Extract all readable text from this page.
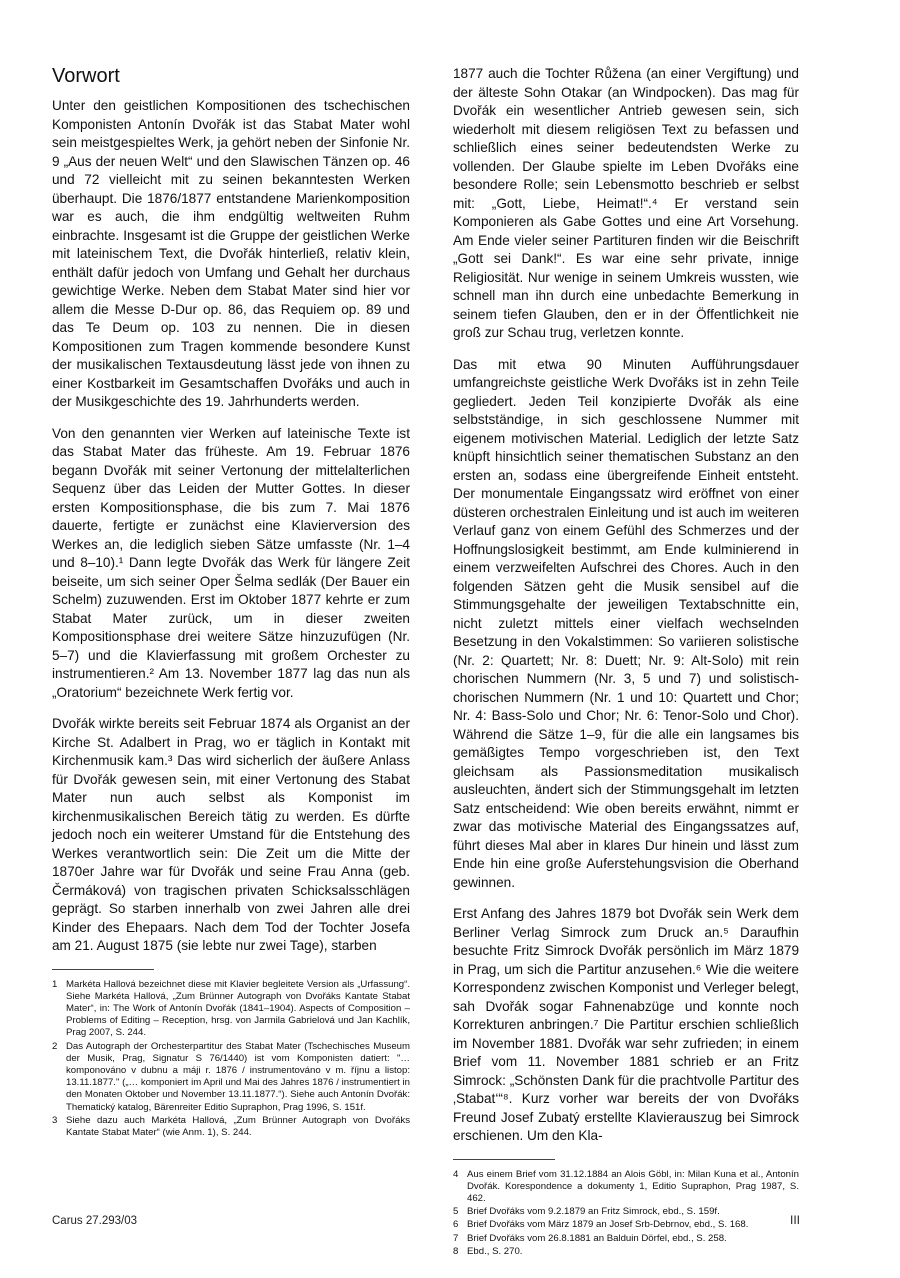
Vorwort

Unter den geistlichen Kompositionen des tschechischen Komponisten Antonín Dvořák ist das Stabat Mater wohl sein meistgespieltes Werk, ja gehört neben der Sinfonie Nr. 9 „Aus der neuen Welt“ und den Slawischen Tänzen op. 46 und 72 vielleicht mit zu seinen bekanntesten Werken überhaupt. Die 1876/1877 entstandene Marienkomposition war es auch, die ihm endgültig weltweiten Ruhm einbrachte. Insgesamt ist die Gruppe der geistlichen Werke mit lateinischem Text, die Dvořák hinterließ, relativ klein, enthält dafür jedoch von Umfang und Gehalt her durchaus gewichtige Werke. Neben dem Stabat Mater sind hier vor allem die Messe D-Dur op. 86, das Requiem op. 89 und das Te Deum op. 103 zu nennen. Die in diesen Kompositionen zum Tragen kommende besondere Kunst der musikalischen Textausdeutung lässt jede von ihnen zu einer Kostbarkeit im Gesamtschaffen Dvořáks und auch in der Musikgeschichte des 19. Jahrhunderts werden.

Von den genannten vier Werken auf lateinische Texte ist das Stabat Mater das früheste. Am 19. Februar 1876 begann Dvořák mit seiner Vertonung der mittelalterlichen Sequenz über das Leiden der Mutter Gottes. In dieser ersten Kompositionsphase, die bis zum 7. Mai 1876 dauerte, fertigte er zunächst eine Klavierversion des Werkes an, die lediglich sieben Sätze umfasste (Nr. 1–4 und 8–10).¹ Dann legte Dvořák das Werk für längere Zeit beiseite, um sich seiner Oper Šelma sedlák (Der Bauer ein Schelm) zuzuwenden. Erst im Oktober 1877 kehrte er zum Stabat Mater zurück, um in dieser zweiten Kompositionsphase drei weitere Sätze hinzuzufügen (Nr. 5–7) und die Klavierfassung mit großem Orchester zu instrumentieren.² Am 13. November 1877 lag das nun als „Oratorium“ bezeichnete Werk fertig vor.

Dvořák wirkte bereits seit Februar 1874 als Organist an der Kirche St. Adalbert in Prag, wo er täglich in Kontakt mit Kirchenmusik kam.³ Das wird sicherlich der äußere Anlass für Dvořák gewesen sein, mit einer Vertonung des Stabat Mater nun auch selbst als Komponist im kirchenmusikalischen Bereich tätig zu werden. Es dürfte jedoch noch ein weiterer Umstand für die Entstehung des Werkes verantwortlich sein: Die Zeit um die Mitte der 1870er Jahre war für Dvořák und seine Frau Anna (geb. Čermáková) von tragischen privaten Schicksalsschlägen geprägt. So starben innerhalb von zwei Jahren alle drei Kinder des Ehepaars. Nach dem Tod der Tochter Josefa am 21. August 1875 (sie lebte nur zwei Tage), starben

1 Markéta Hallová bezeichnet diese mit Klavier begleitete Version als „Urfassung“. Siehe Markéta Hallová, „Zum Brünner Autograph von Dvořáks Kantate Stabat Mater“, in: The Work of Antonín Dvořák (1841–1904). Aspects of Composition – Problems of Editing – Reception, hrsg. von Jarmila Gabrielová und Jan Kachlík, Prag 2007, S. 244.
2 Das Autograph der Orchesterpartitur des Stabat Mater (Tschechisches Museum der Musik, Prag, Signatur S 76/1440) ist vom Komponisten datiert: "… komponováno v dubnu a máji r. 1876 / instrumentováno v m. říjnu a listop: 13.11.1877." („… komponiert im April und Mai des Jahres 1876 / instrumentiert in den Monaten Oktober und November 13.11.1877.“). Siehe auch Antonín Dvořák: Thematický katalog, Bärenreiter Editio Supraphon, Prag 1996, S. 151f.
3 Siehe dazu auch Markéta Hallová, „Zum Brünner Autograph von Dvořáks Kantate Stabat Mater“ (wie Anm. 1), S. 244.

1877 auch die Tochter Růžena (an einer Vergiftung) und der älteste Sohn Otakar (an Windpocken). Das mag für Dvořák ein wesentlicher Antrieb gewesen sein, sich wiederholt mit diesem religiösen Text zu befassen und schließlich eines seiner bedeutendsten Werke zu vollenden. Der Glaube spielte im Leben Dvořáks eine besondere Rolle; sein Lebensmotto beschrieb er selbst mit: „Gott, Liebe, Heimat!“.⁴ Er verstand sein Komponieren als Gabe Gottes und eine Art Vorsehung. Am Ende vieler seiner Partituren finden wir die Beischrift „Gott sei Dank!“. Es war eine sehr private, innige Religiosität. Nur wenige in seinem Umkreis wussten, wie schnell man ihn durch eine unbedachte Bemerkung in seinem tiefen Glauben, den er in der Öffentlichkeit nie groß zur Schau trug, verletzen konnte.

Das mit etwa 90 Minuten Aufführungsdauer umfangreichste geistliche Werk Dvořáks ist in zehn Teile gegliedert. Jeden Teil konzipierte Dvořák als eine selbstständige, in sich geschlossene Nummer mit eigenem motivischen Material. Lediglich der letzte Satz knüpft hinsichtlich seiner thematischen Substanz an den ersten an, sodass eine übergreifende Einheit entsteht. Der monumentale Eingangssatz wird eröffnet von einer düsteren orchestralen Einleitung und ist auch im weiteren Verlauf ganz von einem Gefühl des Schmerzes und der Hoffnungslosigkeit bestimmt, am Ende kulminierend in einem verzweifelten Aufschrei des Chores. Auch in den folgenden Sätzen geht die Musik sensibel auf die Stimmungsgehalte der jeweiligen Textabschnitte ein, nicht zuletzt mittels einer vielfach wechselnden Besetzung in den Vokalstimmen: So variieren solistische (Nr. 2: Quartett; Nr. 8: Duett; Nr. 9: Alt-Solo) mit rein chorischen Nummern (Nr. 3, 5 und 7) und solistisch-chorischen Nummern (Nr. 1 und 10: Quartett und Chor; Nr. 4: Bass-Solo und Chor; Nr. 6: Tenor-Solo und Chor). Während die Sätze 1–9, für die alle ein langsames bis gemäßigtes Tempo vorgeschrieben ist, den Text gleichsam als Passionsmeditation musikalisch ausleuchten, ändert sich der Stimmungsgehalt im letzten Satz entscheidend: Wie oben bereits erwähnt, nimmt er zwar das motivische Material des Eingangssatzes auf, führt dieses Mal aber in klares Dur hinein und lässt zum Ende hin eine große Auferstehungsvision die Oberhand gewinnen.

Erst Anfang des Jahres 1879 bot Dvořák sein Werk dem Berliner Verlag Simrock zum Druck an.⁵ Daraufhin besuchte Fritz Simrock Dvořák persönlich im März 1879 in Prag, um sich die Partitur anzusehen.⁶ Wie die weitere Korrespondenz zwischen Komponist und Verleger belegt, sah Dvořák sogar Fahnenabzüge und konnte noch Korrekturen anbringen.⁷ Die Partitur erschien schließlich im November 1881. Dvořák war sehr zufrieden; in einem Brief vom 11. November 1881 schrieb er an Fritz Simrock: „Schönsten Dank für die prachtvolle Partitur des ‚Stabat‘“⁸. Kurz vorher war bereits der von Dvořáks Freund Josef Zubatý erstellte Klavierauszug bei Simrock erschienen. Um den Kla-

4 Aus einem Brief vom 31.12.1884 an Alois Göbl, in: Milan Kuna et al., Antonín Dvořák. Korespondence a dokumenty 1, Editio Supraphon, Prag 1987, S. 462.
5 Brief Dvořáks vom 9.2.1879 an Fritz Simrock, ebd., S. 159f.
6 Brief Dvořáks vom März 1879 an Josef Srb-Debrnov, ebd., S. 168.
7 Brief Dvořáks vom 26.8.1881 an Balduin Dörfel, ebd., S. 258.
8 Ebd., S. 270.
Carus 27.293/03	III
